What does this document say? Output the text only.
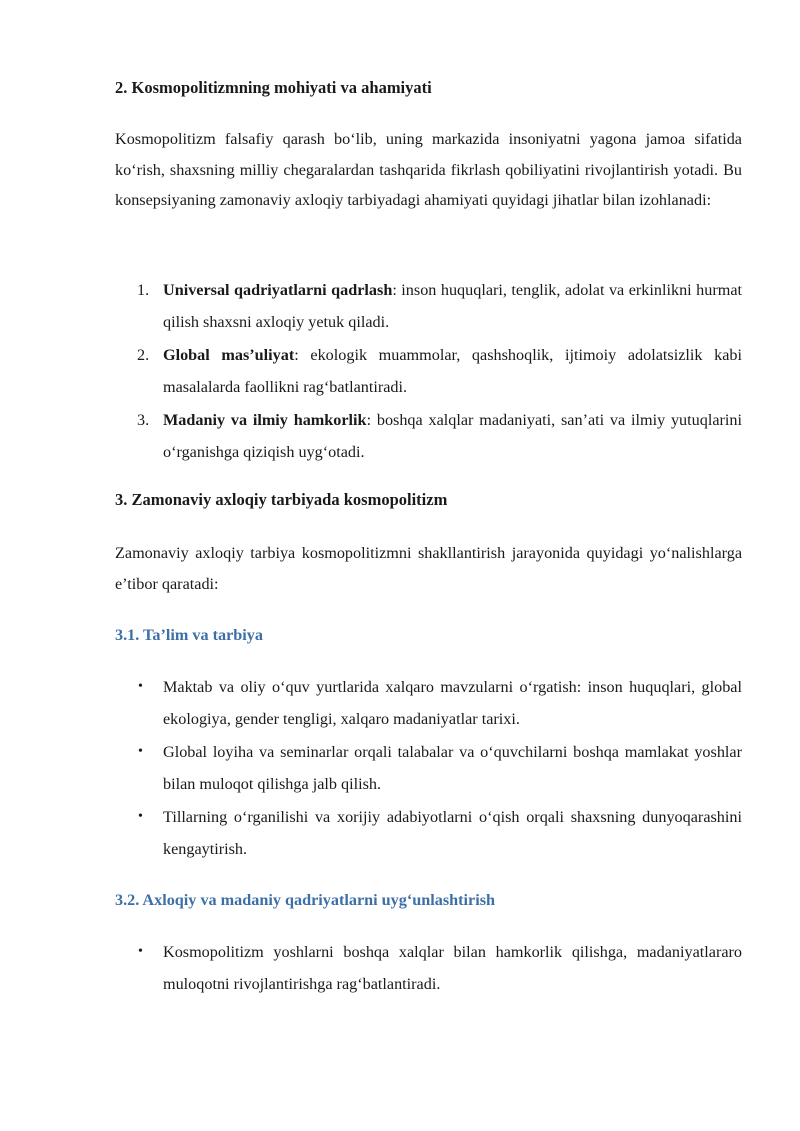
2. Kosmopolitizmning mohiyati va ahamiyati

Kosmopolitizm falsafiy qarash bo‘lib, uning markazida insoniyatni yagona jamoa sifatida ko‘rish, shaxsning milliy chegaralardan tashqarida fikrlash qobiliyatini rivojlantirish yotadi. Bu konsepsiyaning zamonaviy axloqiy tarbiyadagi ahamiyati quyidagi jihatlar bilan izohlanadi:

1. Universal qadriyatlarni qadrlash: inson huquqlari, tenglik, adolat va erkinlikni hurmat qilish shaxsni axloqiy yetuk qiladi.
2. Global mas’uliyat: ekologik muammolar, qashshoqlik, ijtimoiy adolatsizlik kabi masalalarda faollikni rag‘batlantiradi.
3. Madaniy va ilmiy hamkorlik: boshqa xalqlar madaniyati, san’ati va ilmiy yutuqlarini o‘rganishga qiziqish uyg‘otadi.
3. Zamonaviy axloqiy tarbiyada kosmopolitizm

Zamonaviy axloqiy tarbiya kosmopolitizmni shakllantirish jarayonida quyidagi yo‘nalishlarga e’tibor qaratadi:

3.1. Ta’lim va tarbiya
• Maktab va oliy o‘quv yurtlarida xalqaro mavzularni o‘rgatish: inson huquqlari, global ekologiya, gender tengligi, xalqaro madaniyatlar tarixi.
• Global loyiha va seminarlar orqali talabalar va o‘quvchilarni boshqa mamlakat yoshlar bilan muloqot qilishga jalb qilish.
• Tillarning o‘rganilishi va xorijiy adabiyotlarni o‘qish orqali shaxsning dunyoqarashini kengaytirish.
3.2. Axloqiy va madaniy qadriyatlarni uyg‘unlashtirish
• Kosmopolitizm yoshlarni boshqa xalqlar bilan hamkorlik qilishga, madaniyatlararo muloqotni rivojlantirishga rag‘batlantiradi.
